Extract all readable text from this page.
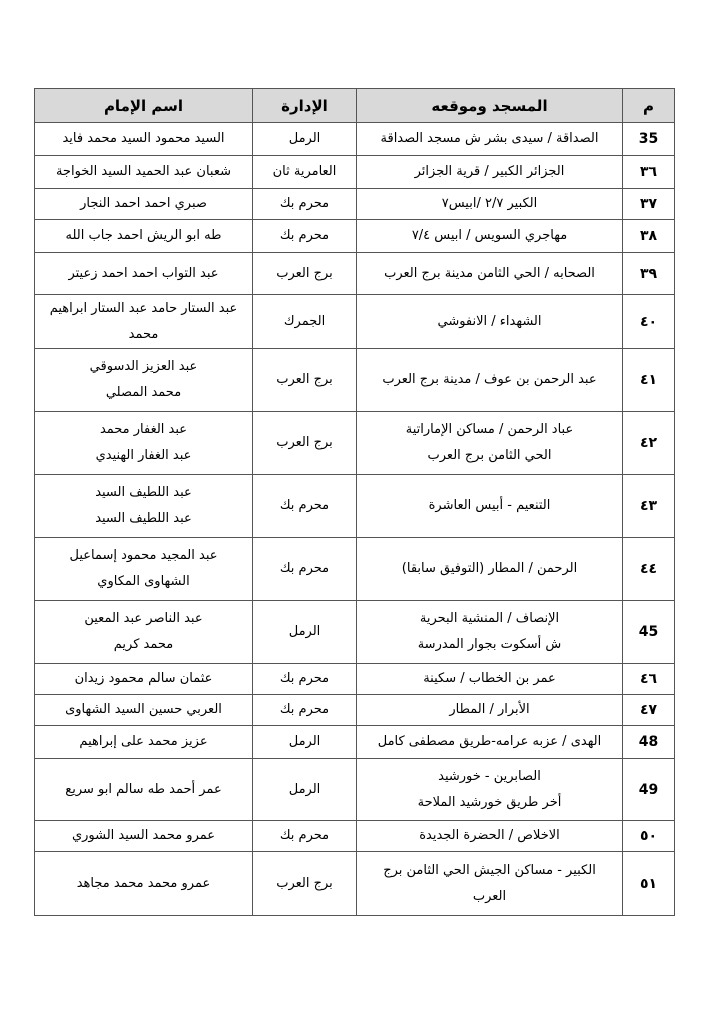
م	المسجد وموقعه	الإدارة	اسم الإمام
35	الصداقة / سيدى بشر ش مسجد الصداقة	الرمل	السيد محمود السيد محمد فايد

٣٦	الجزائر الكبير / قرية الجزائر	العامرية ثان	شعبان عبد الحميد السيد الخواجة

٣٧	الكبير ٢/٧ /ابيس٧	محرم بك	صبري احمد احمد النجار

٣٨	مهاجري السويس / ابيس ٧/٤	محرم بك	طه ابو الريش احمد جاب الله

٣٩	الصحابه / الحي الثامن مدينة برج العرب	برج العرب	عبد التواب احمد احمد زعيتر

٤٠	الشهداء / الانفوشي	الجمرك	عبد الستار حامد عبد الستار ابراهيم
محمد

٤١	عبد الرحمن بن عوف / مدينة برج العرب	برج العرب	عبد العزيز الدسوقي
محمد المصلي

٤٢	عباد الرحمن / مساكن الإماراتية
الحي الثامن برج العرب	برج العرب	عبد الغفار محمد
عبد الغفار الهنيدي

٤٣	التنعيم - أبيس العاشرة	محرم بك	عبد اللطيف السيد
عبد اللطيف السيد

٤٤	الرحمن / المطار (التوفيق سابقا)	محرم بك	عبد المجيد محمود إسماعيل
الشهاوى المكاوي

45	الإنصاف / المنشية البحرية
ش أسكوت بجوار المدرسة	الرمل	عبد الناصر عبد المعين
محمد كريم

٤٦	عمر بن الخطاب / سكينة	محرم بك	عثمان سالم محمود زيدان

٤٧	الأبرار / المطار	محرم بك	العربي حسين السيد الشهاوى

48	الهدى / عزبه عرامه-طريق مصطفى كامل	الرمل	عزيز محمد على إبراهيم

49	الصابرين - خورشيد
أخر طريق خورشيد الملاحة	الرمل	عمر أحمد طه سالم ابو سريع

٥٠	الاخلاص / الحضرة الجديدة	محرم بك	عمرو محمد السيد الشوري

٥١	الكبير - مساكن الجيش الحي الثامن برج
العرب	برج العرب	عمرو محمد محمد مجاهد
